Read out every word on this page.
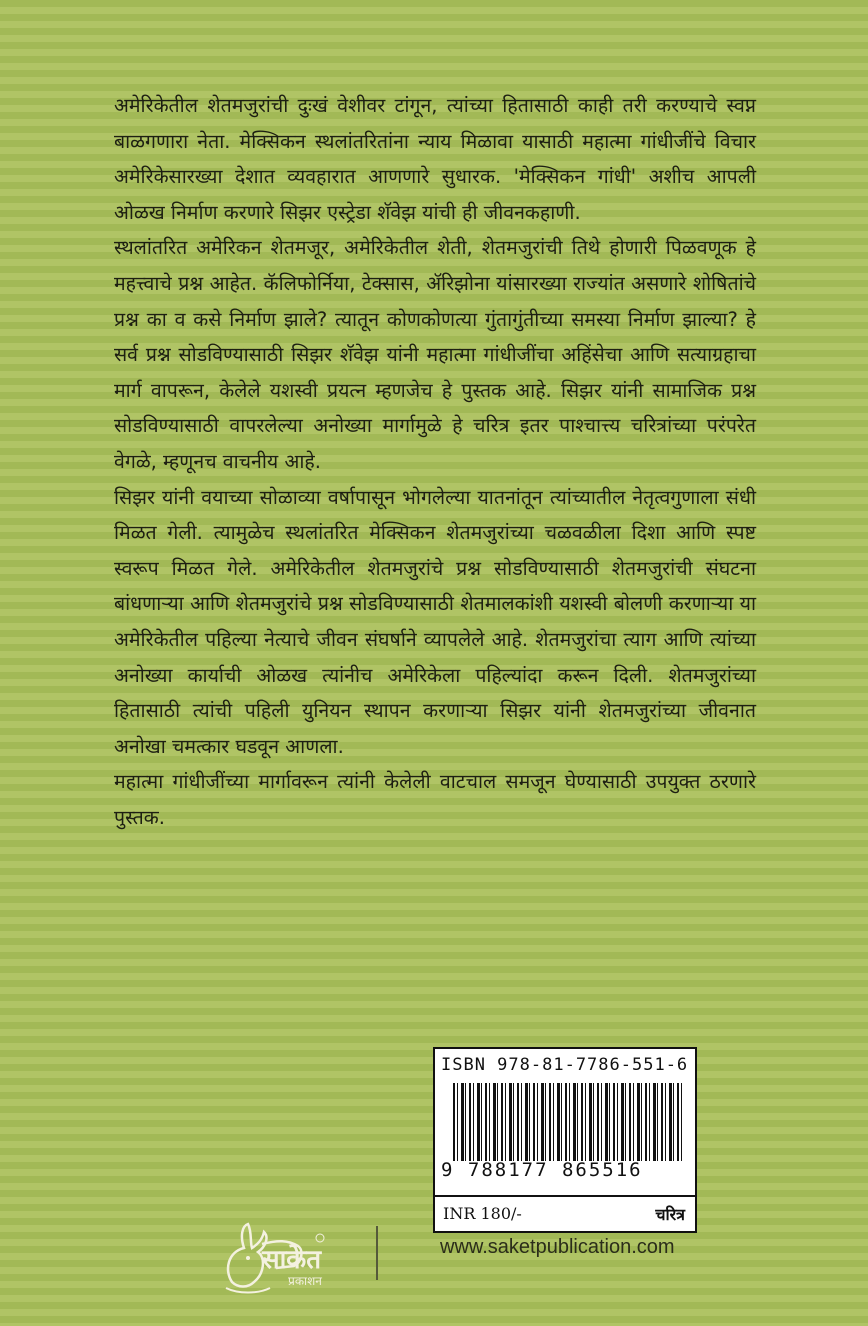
अमेरिकेतील शेतमजुरांची दुःखं वेशीवर टांगून, त्यांच्या हितासाठी काही तरी करण्याचे स्वप्न बाळगणारा नेता. मेक्सिकन स्थलांतरितांना न्याय मिळावा यासाठी महात्मा गांधीजींचे विचार अमेरिकेसारख्या देशात व्यवहारात आणणारे सुधारक. 'मेक्सिकन गांधी' अशीच आपली ओळख निर्माण करणारे सिझर एस्ट्रेडा शॅवेझ यांची ही जीवनकहाणी.

स्थलांतरित अमेरिकन शेतमजूर, अमेरिकेतील शेती, शेतमजुरांची तिथे होणारी पिळवणूक हे महत्त्वाचे प्रश्न आहेत. कॅलिफोर्निया, टेक्सास, ॲरिझोना यांसारख्या राज्यांत असणारे शोषितांचे प्रश्न का व कसे निर्माण झाले? त्यातून कोणकोणत्या गुंतागुंतीच्या समस्या निर्माण झाल्या? हे सर्व प्रश्न सोडविण्यासाठी सिझर शॅवेझ यांनी महात्मा गांधीजींचा अहिंसेचा आणि सत्याग्रहाचा मार्ग वापरून, केलेले यशस्वी प्रयत्न म्हणजेच हे पुस्तक आहे. सिझर यांनी सामाजिक प्रश्न सोडविण्यासाठी वापरलेल्या अनोख्या मार्गामुळे हे चरित्र इतर पाश्चात्त्य चरित्रांच्या परंपरेत वेगळे, म्हणूनच वाचनीय आहे.

सिझर यांनी वयाच्या सोळाव्या वर्षापासून भोगलेल्या यातनांतून त्यांच्यातील नेतृत्वगुणाला संधी मिळत गेली. त्यामुळेच स्थलांतरित मेक्सिकन शेतमजुरांच्या चळवळीला दिशा आणि स्पष्ट स्वरूप मिळत गेले. अमेरिकेतील शेतमजुरांचे प्रश्न सोडविण्यासाठी शेतमजुरांची संघटना बांधणाऱ्या आणि शेतमजुरांचे प्रश्न सोडविण्यासाठी शेतमालकांशी यशस्वी बोलणी करणाऱ्या या अमेरिकेतील पहिल्या नेत्याचे जीवन संघर्षाने व्यापलेले आहे. शेतमजुरांचा त्याग आणि त्यांच्या अनोख्या कार्याची ओळख त्यांनीच अमेरिकेला पहिल्यांदा करून दिली. शेतमजुरांच्या हितासाठी त्यांची पहिली युनियन स्थापन करणाऱ्या सिझर यांनी शेतमजुरांच्या जीवनात अनोखा चमत्कार घडवून आणला.

महात्मा गांधीजींच्या मार्गावरून त्यांनी केलेली वाटचाल समजून घेण्यासाठी उपयुक्त ठरणारे पुस्तक.

ISBN 978-81-7786-551-6
9 788177 865516
INR 180/-	चरित्र
साकेत
प्रकाशन
www.saketpublication.com
